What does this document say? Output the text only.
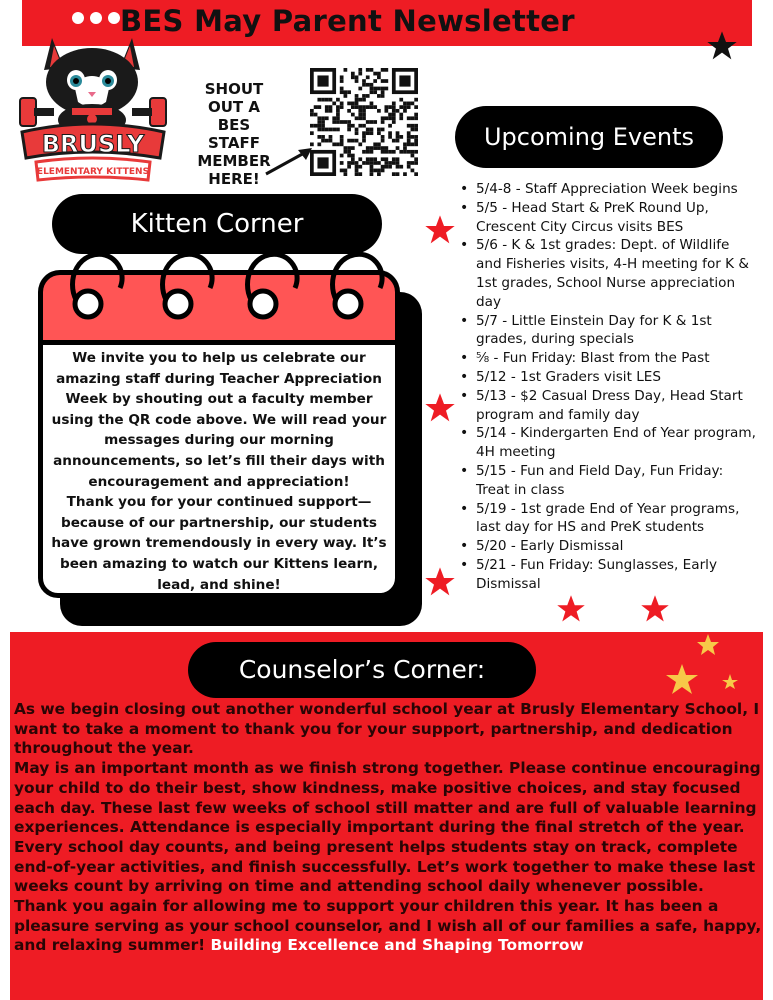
BES May Parent Newsletter
BRUSLY
ELEMENTARY KITTENS
SHOUT
OUT A BES
STAFF
MEMBER
HERE!
Upcoming Events
• 5/4-8 - Staff Appreciation Week begins
• 5/5 - Head Start & PreK Round Up, Crescent City Circus visits BES
• 5/6 - K & 1st grades: Dept. of Wildlife and Fisheries visits, 4-H meeting for K & 1st grades, School Nurse appreciation day
• 5/7 - Little Einstein Day for K & 1st grades, during specials
• ⅝ - Fun Friday: Blast from the Past
• 5/12 - 1st Graders visit LES
• 5/13 - $2 Casual Dress Day, Head Start program and family day
• 5/14 - Kindergarten End of Year program, 4H meeting
• 5/15 - Fun and Field Day, Fun Friday: Treat in class
• 5/19 - 1st grade End of Year programs, last day for HS and PreK students
• 5/20 - Early Dismissal
• 5/21 - Fun Friday: Sunglasses, Early Dismissal
Kitten Corner

We invite you to help us celebrate our amazing staff during Teacher Appreciation Week by shouting out a faculty member using the QR code above. We will read your messages during our morning announcements, so let’s fill their days with encouragement and appreciation!

Thank you for your continued support—because of our partnership, our students have grown tremendously in every way. It’s been amazing to watch our Kittens learn, lead, and shine!

Counselor’s Corner:

As we begin closing out another wonderful school year at Brusly Elementary School, I want to take a moment to thank you for your support, partnership, and dedication throughout the year.

May is an important month as we finish strong together. Please continue encouraging your child to do their best, show kindness, make positive choices, and stay focused each day. These last few weeks of school still matter and are full of valuable learning experiences. Attendance is especially important during the final stretch of the year. Every school day counts, and being present helps students stay on track, complete end-of-year activities, and finish successfully. Let’s work together to make these last weeks count by arriving on time and attending school daily whenever possible.

Thank you again for allowing me to support your children this year. It has been a pleasure serving as your school counselor, and I wish all of our families a safe, happy, and relaxing summer! Building Excellence and Shaping Tomorrow
